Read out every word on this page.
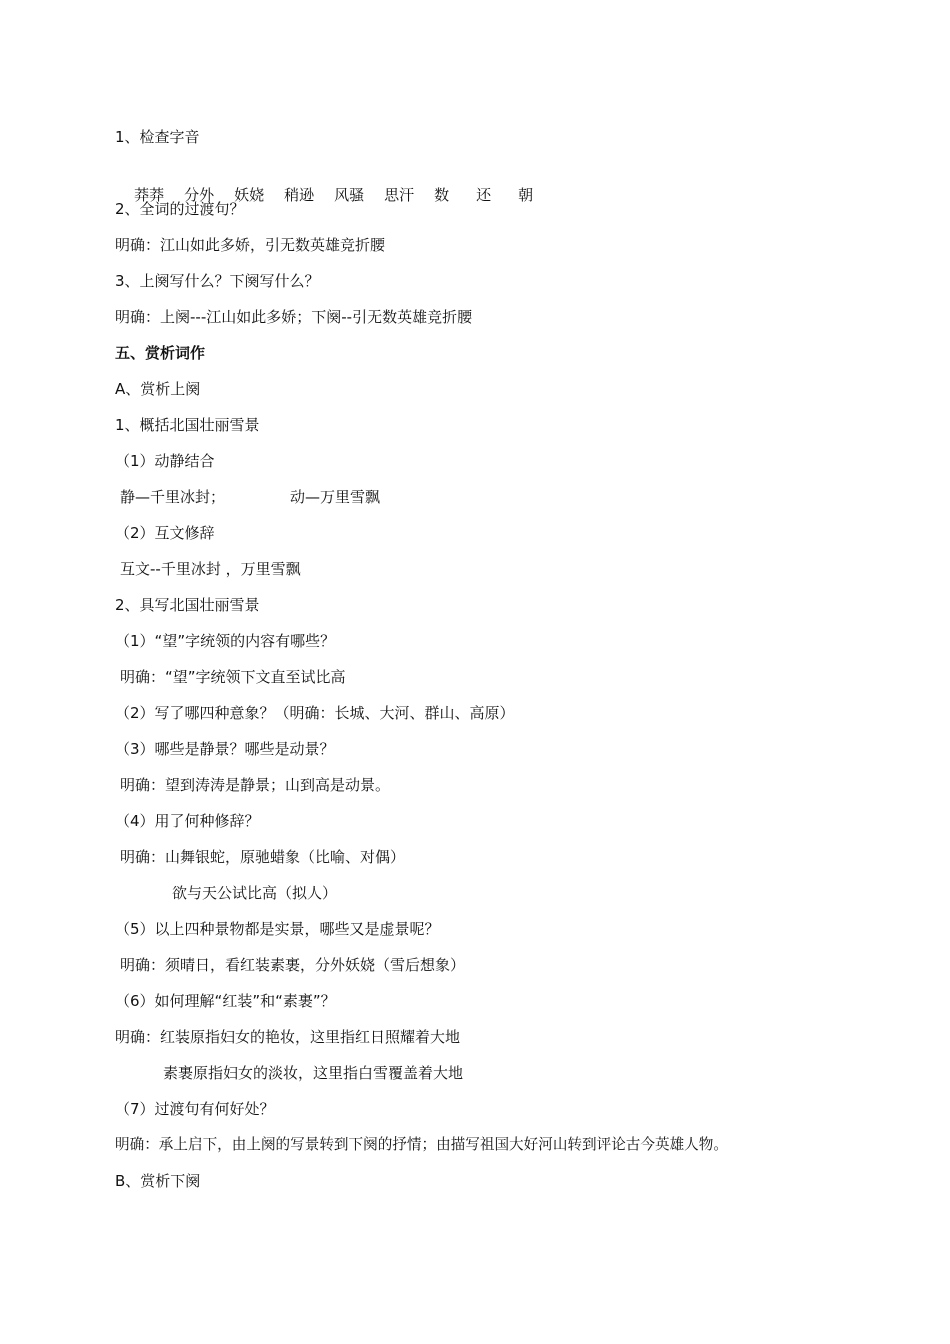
1、检查字音

莽莽 分外 妖娆 稍逊 风骚 思汗 数 还 朝

2、全词的过渡句？
明确：江山如此多娇，引无数英雄竞折腰
3、上阕写什么？下阕写什么？
明确：上阕---江山如此多娇；下阕--引无数英雄竞折腰
五、赏析词作
A、赏析上阕
1、概括北国壮丽雪景
（1）动静结合
静—千里冰封；	动—万里雪飘
（2）互文修辞
互文--千里冰封 ，万里雪飘
2、具写北国壮丽雪景
（1）“望”字统领的内容有哪些？
明确：“望”字统领下文直至试比高
（2）写了哪四种意象？（明确：长城、大河、群山、高原）
（3）哪些是静景？哪些是动景？
明确：望到涛涛是静景；山到高是动景。
（4）用了何种修辞？
明确：山舞银蛇，原驰蜡象（比喻、对偶）
欲与天公试比高（拟人）
（5）以上四种景物都是实景，哪些又是虚景呢？
明确：须晴日，看红装素裹，分外妖娆（雪后想象）
（6）如何理解“红装”和“素裹”？
明确：红装原指妇女的艳妆，这里指红日照耀着大地
素裹原指妇女的淡妆，这里指白雪覆盖着大地
（7）过渡句有何好处？
明确：承上启下，由上阕的写景转到下阕的抒情；由描写祖国大好河山转到评论古今英雄人物。
B、赏析下阕
